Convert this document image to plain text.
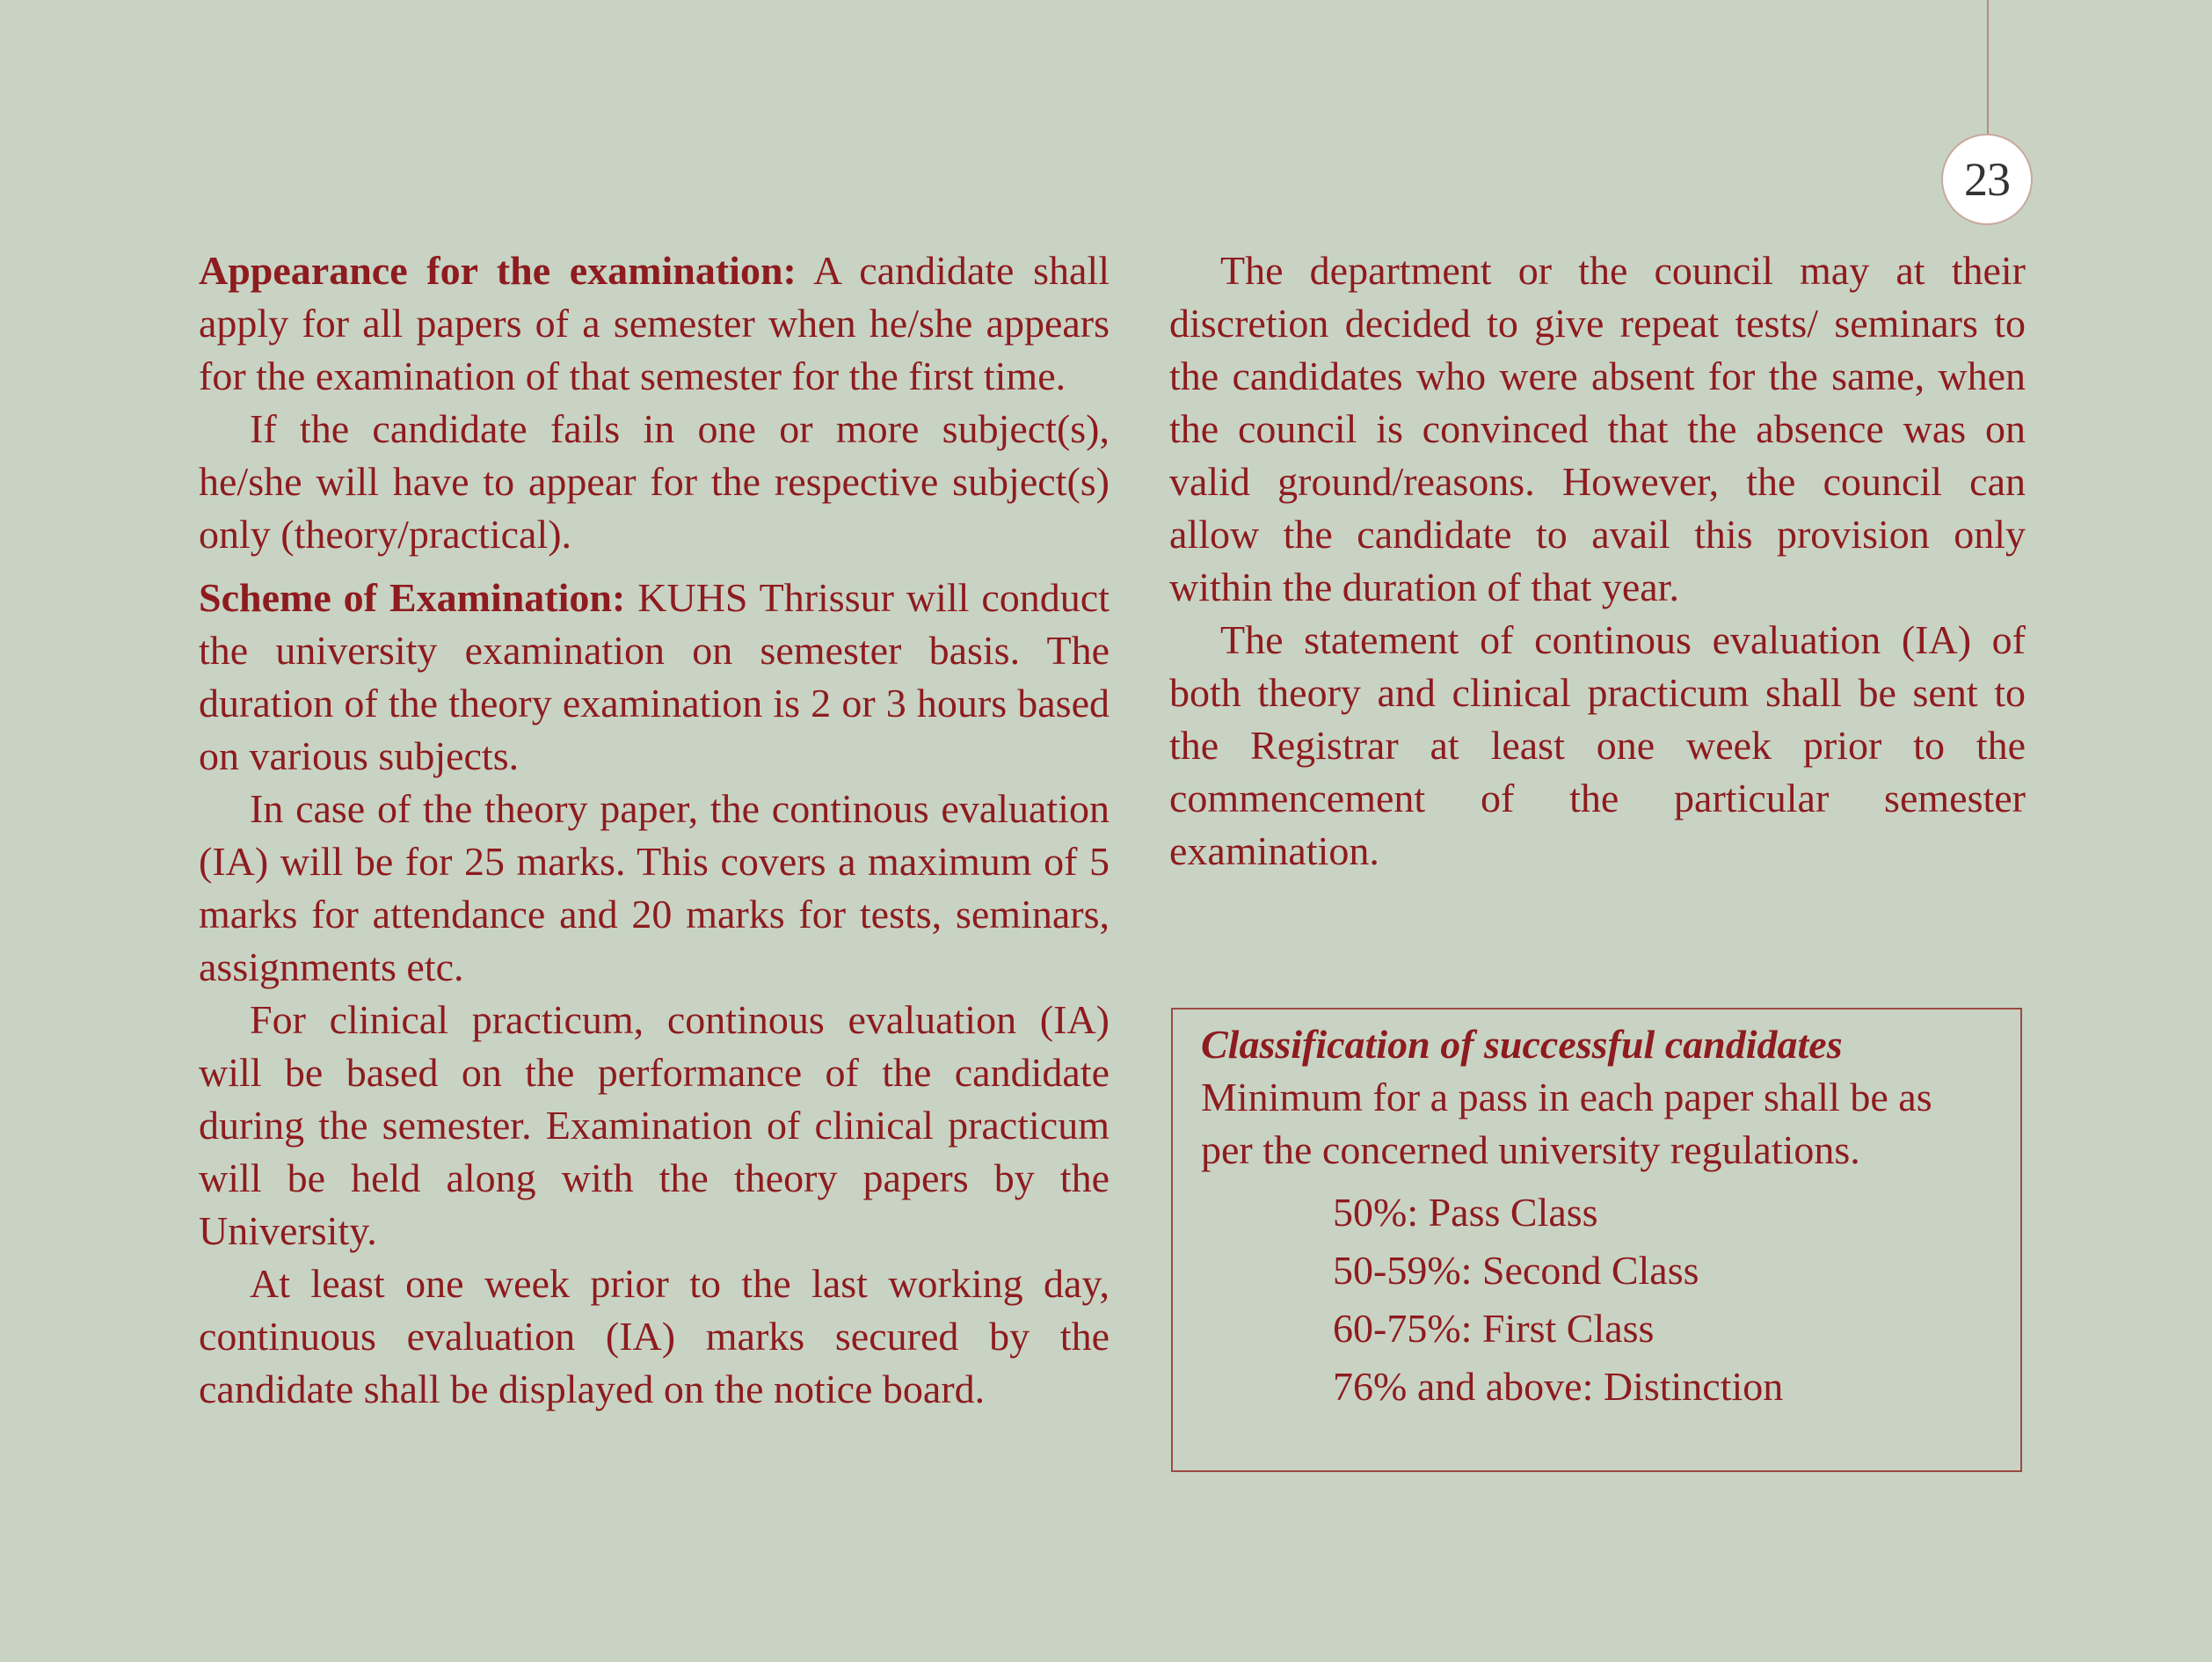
23

Appearance for the examination: A candidate shall apply for all papers of a semester when he/she appears for the examination of that semester for the first time.

If the candidate fails in one or more subject(s), he/she will have to appear for the respective subject(s) only (theory/practical).

Scheme of Examination: KUHS Thrissur will conduct the university examination on semester basis. The duration of the theory examination is 2 or 3 hours based on various subjects.

In case of the theory paper, the continous evaluation (IA) will be for 25 marks. This covers a maximum of 5 marks for attendance and 20 marks for tests, seminars, assignments etc.

For clinical practicum, continous evaluation (IA) will be based on the performance of the candidate during the semester. Examination of clinical practicum will be held along with the theory papers by the University.

At least one week prior to the last working day, continuous evaluation (IA) marks secured by the candidate shall be displayed on the notice board.

The department or the council may at their discretion decided to give repeat tests/ seminars to the candidates who were absent for the same, when the council is convinced that the absence was on valid ground/reasons. However, the council can allow the candidate to avail this provision only within the duration of that year.

The statement of continous evaluation (IA) of both theory and clinical practicum shall be sent to the Registrar at least one week prior to the commencement of the particular semester examination.

Classification of successful candidates

Minimum for a pass in each paper shall be as per the concerned university regulations.

50%: Pass Class
50-59%: Second Class
60-75%: First Class
76% and above: Distinction
